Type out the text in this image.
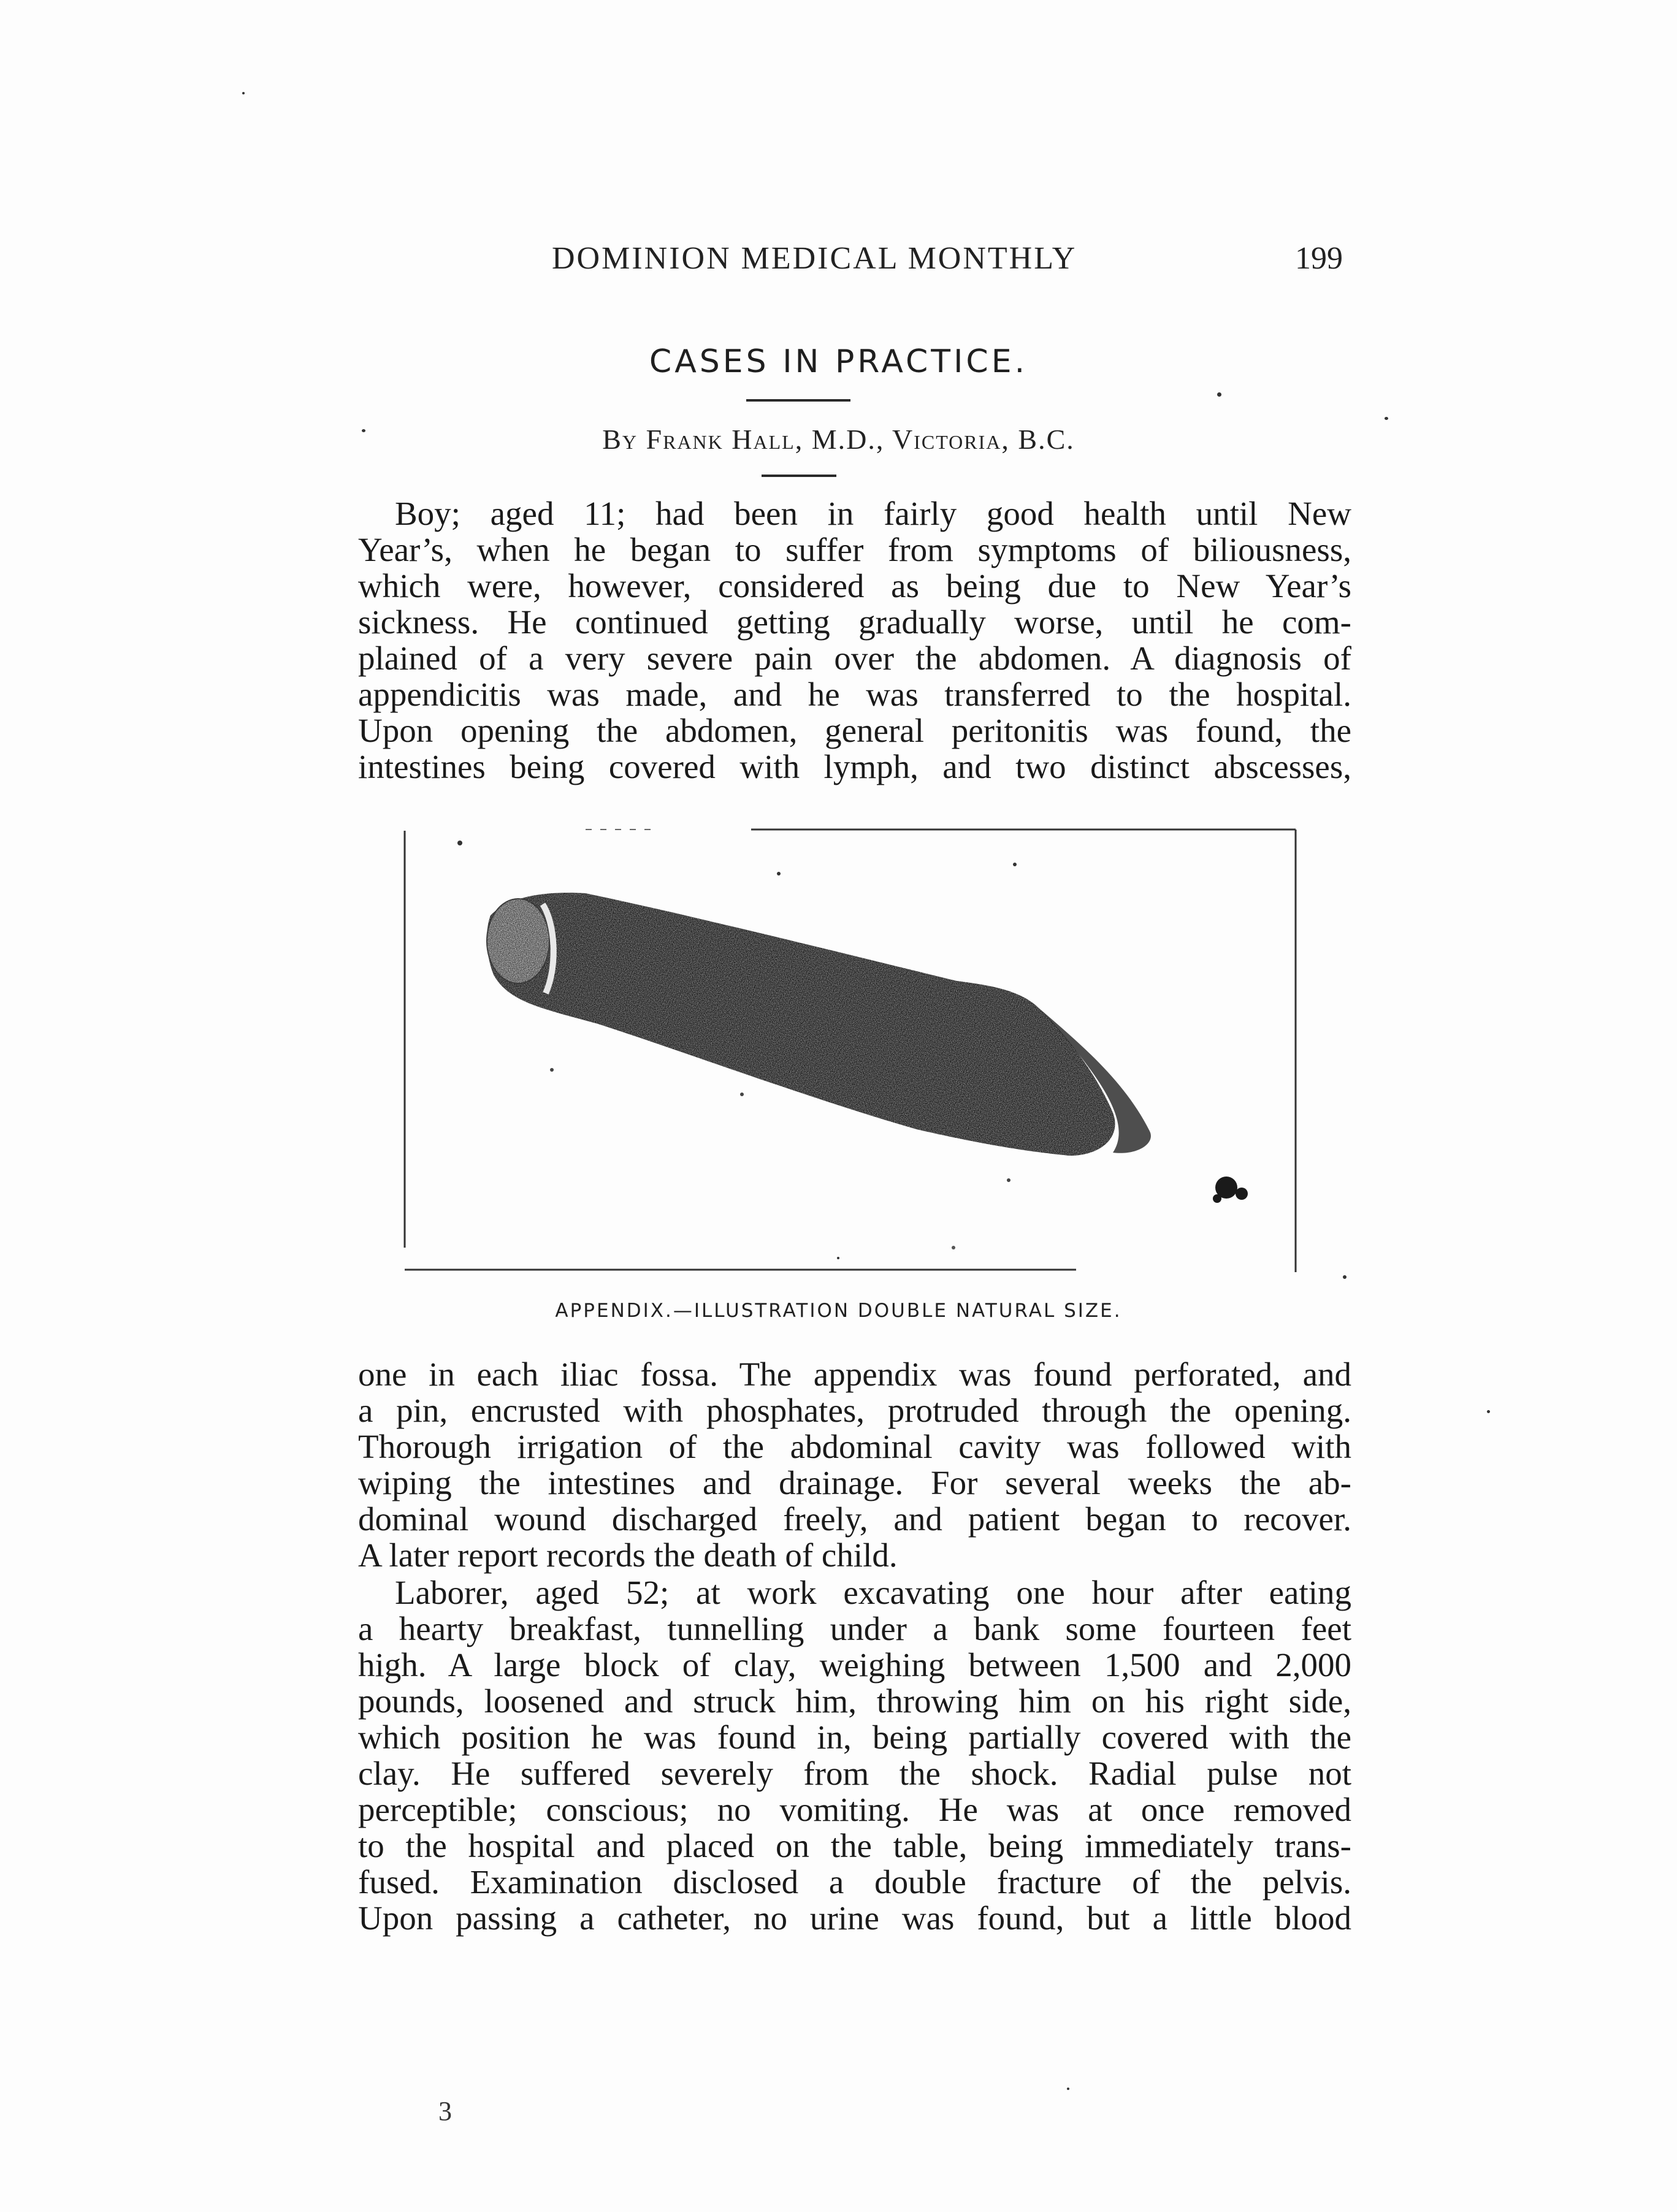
DOMINION MEDICAL MONTHLY	199
CASES IN PRACTICE.
By Frank Hall, M.D., Victoria, B.C.
Boy; aged 11; had been in fairly good health until New
Year’s, when he began to suffer from symptoms of biliousness,
which were, however, considered as being due to New Year’s
sickness. He continued getting gradually worse, until he com-
plained of a very severe pain over the abdomen. A diagnosis of
appendicitis was made, and he was transferred to the hospital.
Upon opening the abdomen, general peritonitis was found, the
intestines being covered with lymph, and two distinct abscesses,
APPENDIX.—ILLUSTRATION DOUBLE NATURAL SIZE.
one in each iliac fossa. The appendix was found perforated, and
a pin, encrusted with phosphates, protruded through the opening.
Thorough irrigation of the abdominal cavity was followed with
wiping the intestines and drainage. For several weeks the ab-
dominal wound discharged freely, and patient began to recover.
A later report records the death of child.
Laborer, aged 52; at work excavating one hour after eating
a hearty breakfast, tunnelling under a bank some fourteen feet
high. A large block of clay, weighing between 1,500 and 2,000
pounds, loosened and struck him, throwing him on his right side,
which position he was found in, being partially covered with the
clay. He suffered severely from the shock. Radial pulse not
perceptible; conscious; no vomiting. He was at once removed
to the hospital and placed on the table, being immediately trans-
fused. Examination disclosed a double fracture of the pelvis.
Upon passing a catheter, no urine was found, but a little blood
3
